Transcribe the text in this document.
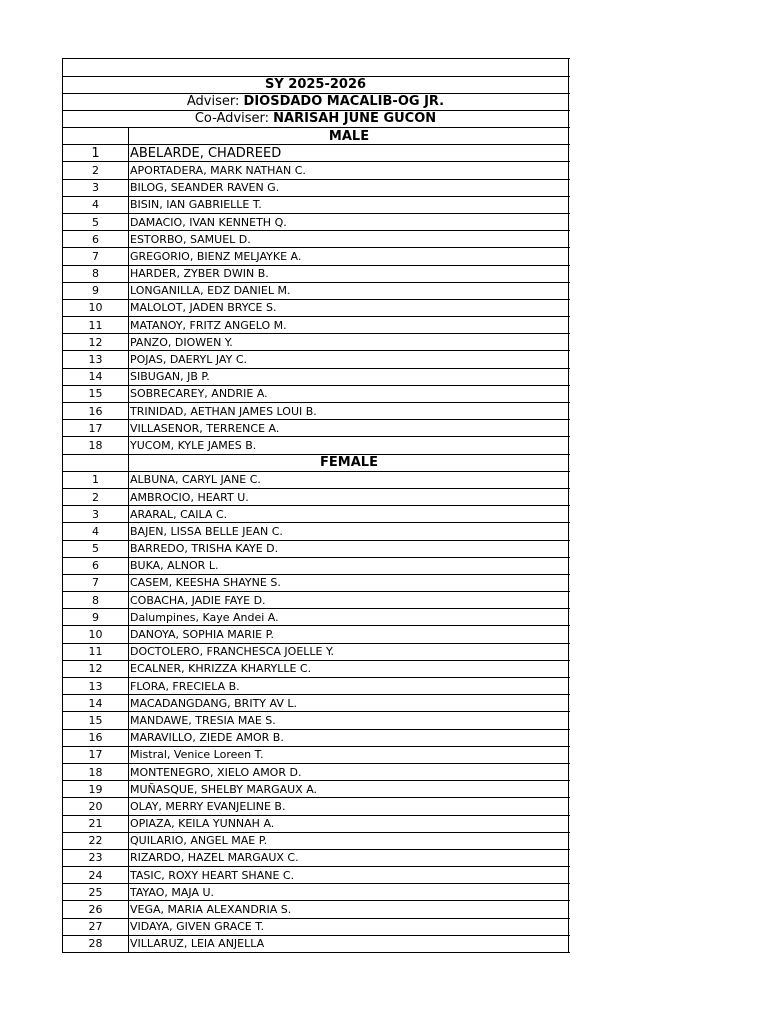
SY 2025-2026
Adviser: DIOSDADO MACALIB-OG JR.
Co-Adviser: NARISAH JUNE GUCON
MALE
1	ABELARDE, CHADREED
2	APORTADERA, MARK NATHAN C.
3	BILOG, SEANDER RAVEN G.
4	BISIN, IAN GABRIELLE T.
5	DAMACIO, IVAN KENNETH Q.
6	ESTORBO, SAMUEL D.
7	GREGORIO, BIENZ MELJAYKE A.
8	HARDER, ZYBER DWIN B.
9	LONGANILLA, EDZ DANIEL M.
10	MALOLOT, JADEN BRYCE S.
11	MATANOY, FRITZ ANGELO M.
12	PANZO, DIOWEN Y.
13	POJAS, DAERYL JAY C.
14	SIBUGAN, JB P.
15	SOBRECAREY, ANDRIE A.
16	TRINIDAD, AETHAN JAMES LOUI B.
17	VILLASENOR, TERRENCE A.
18	YUCOM, KYLE JAMES B.
FEMALE
1	ALBUNA, CARYL JANE C.
2	AMBROCIO, HEART U.
3	ARARAL, CAILA C.
4	BAJEN, LISSA BELLE JEAN C.
5	BARREDO, TRISHA KAYE D.
6	BUKA, ALNOR L.
7	CASEM, KEESHA SHAYNE S.
8	COBACHA, JADIE FAYE D.
9	Dalumpines, Kaye Andei A.
10	DANOYA, SOPHIA MARIE P.
11	DOCTOLERO, FRANCHESCA JOELLE Y.
12	ECALNER, KHRIZZA KHARYLLE C.
13	FLORA, FRECIELA B.
14	MACADANGDANG, BRITY AV L.
15	MANDAWE, TRESIA MAE S.
16	MARAVILLO, ZIEDE AMOR B.
17	Mistral, Venice Loreen T.
18	MONTENEGRO, XIELO AMOR D.
19	MUÑASQUE, SHELBY MARGAUX A.
20	OLAY, MERRY EVANJELINE B.
21	OPIAZA, KEILA YUNNAH A.
22	QUILARIO, ANGEL MAE P.
23	RIZARDO, HAZEL MARGAUX C.
24	TASIC, ROXY HEART SHANE C.
25	TAYAO, MAJA U.
26	VEGA, MARIA ALEXANDRIA S.
27	VIDAYA, GIVEN GRACE T.
28	VILLARUZ, LEIA ANJELLA
